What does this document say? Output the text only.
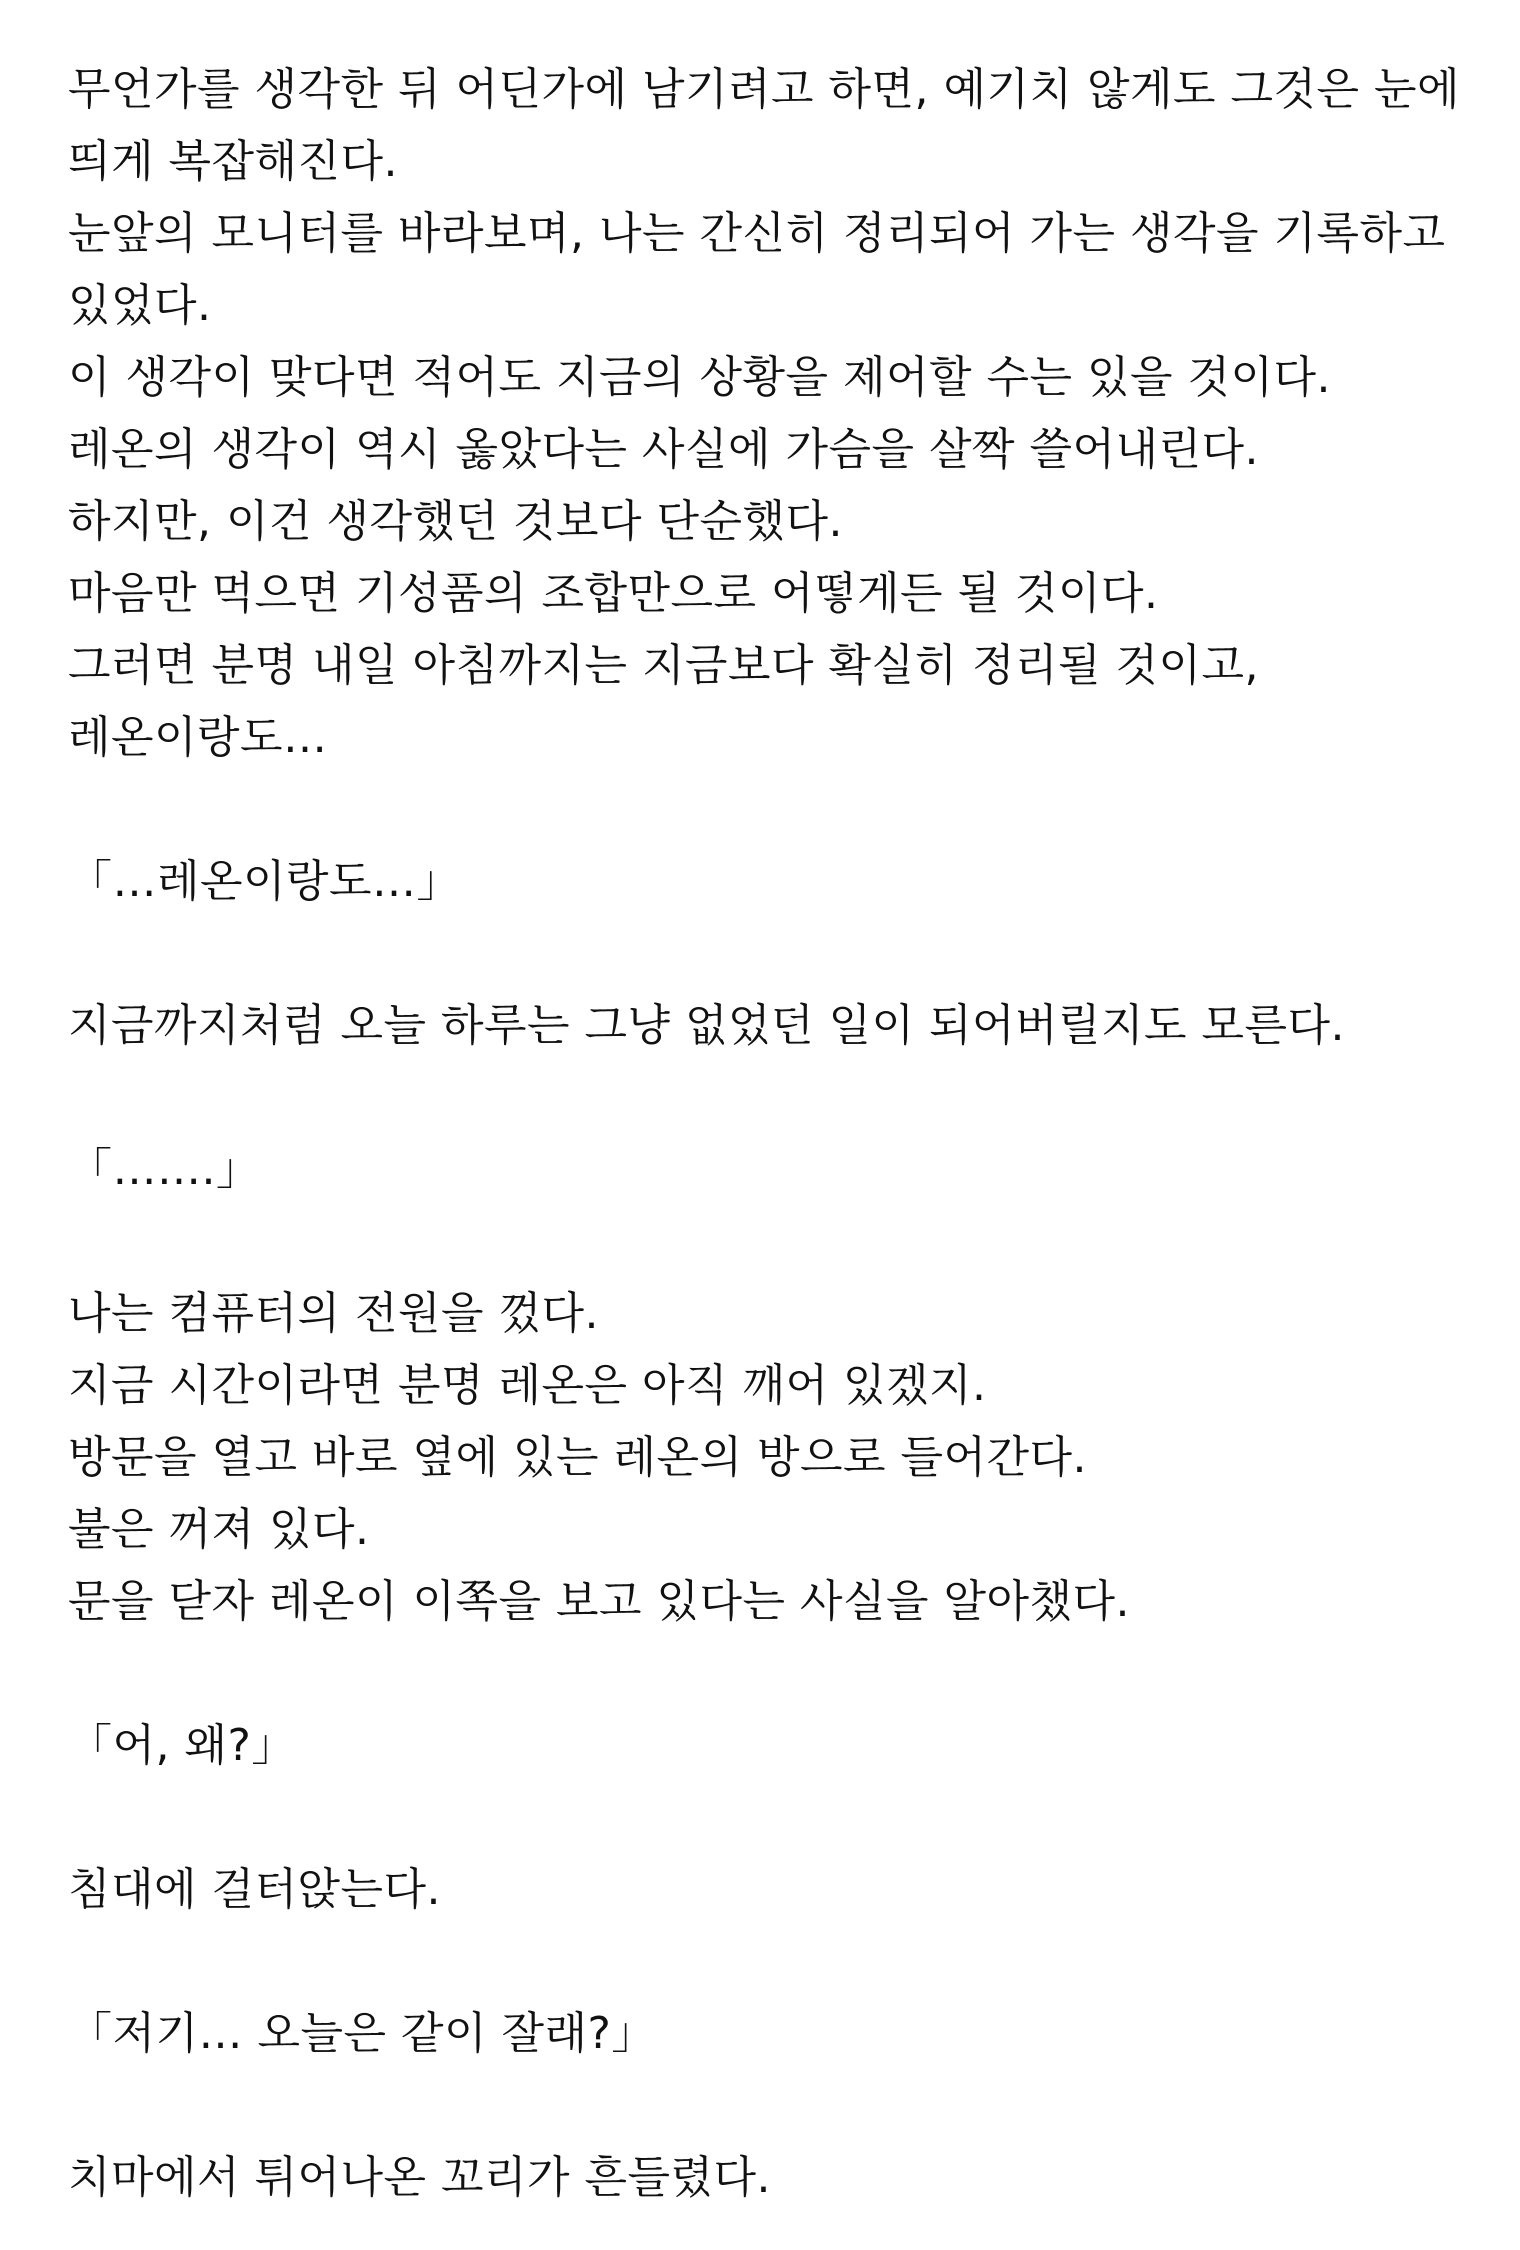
무언가를 생각한 뒤 어딘가에 남기려고 하면, 예기치 않게도 그것은 눈에
띄게 복잡해진다.
눈앞의 모니터를 바라보며, 나는 간신히 정리되어 가는 생각을 기록하고
있었다.
이 생각이 맞다면 적어도 지금의 상황을 제어할 수는 있을 것이다.
레온의 생각이 역시 옳았다는 사실에 가슴을 살짝 쓸어내린다.
하지만, 이건 생각했던 것보다 단순했다.
마음만 먹으면 기성품의 조합만으로 어떻게든 될 것이다.
그러면 분명 내일 아침까지는 지금보다 확실히 정리될 것이고,
레온이랑도…
「…레온이랑도…」
지금까지처럼 오늘 하루는 그냥 없었던 일이 되어버릴지도 모른다.
「…….」
나는 컴퓨터의 전원을 껐다.
지금 시간이라면 분명 레온은 아직 깨어 있겠지.
방문을 열고 바로 옆에 있는 레온의 방으로 들어간다.
불은 꺼져 있다.
문을 닫자 레온이 이쪽을 보고 있다는 사실을 알아챘다.
「어, 왜?」
침대에 걸터앉는다.
「저기… 오늘은 같이 잘래?」
치마에서 튀어나온 꼬리가 흔들렸다.
